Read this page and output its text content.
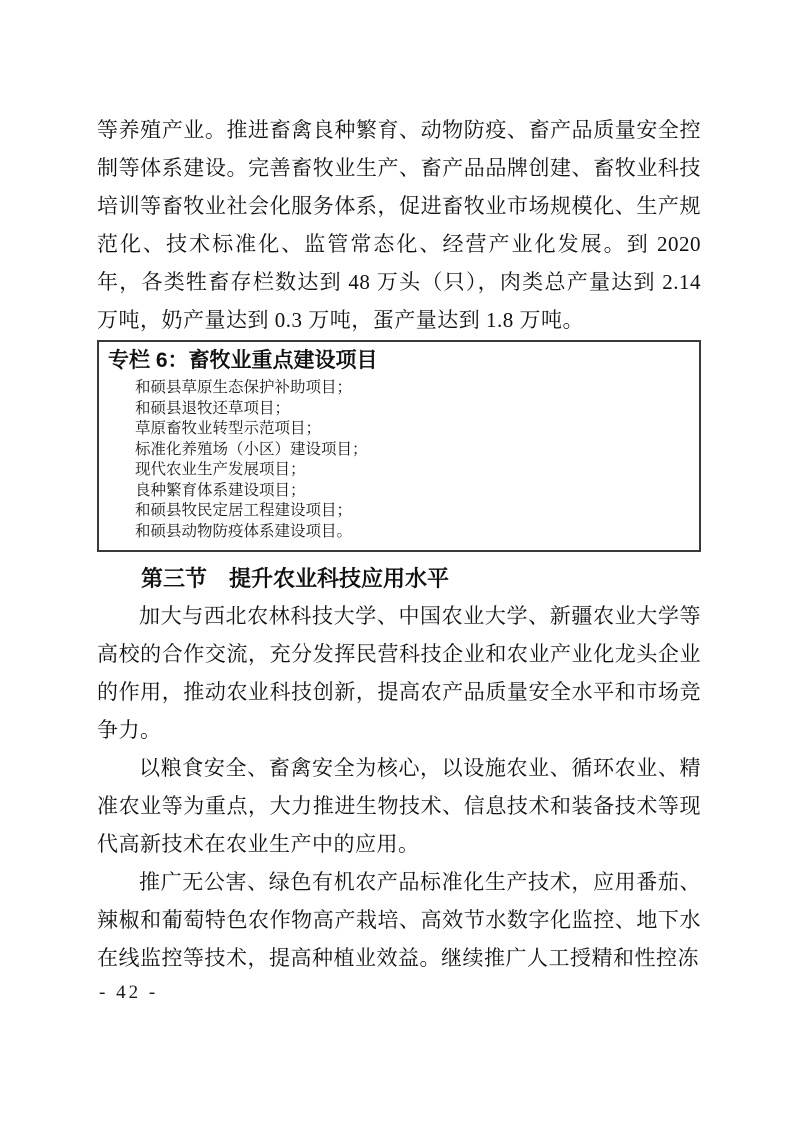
等养殖产业。推进畜禽良种繁育、动物防疫、畜产品质量安全控制等体系建设。完善畜牧业生产、畜产品品牌创建、畜牧业科技培训等畜牧业社会化服务体系，促进畜牧业市场规模化、生产规范化、技术标准化、监管常态化、经营产业化发展。到 2020 年，各类牲畜存栏数达到 48 万头（只），肉类总产量达到 2.14 万吨，奶产量达到 0.3 万吨，蛋产量达到 1.8 万吨。

专栏 6：畜牧业重点建设项目
和硕县草原生态保护补助项目；
和硕县退牧还草项目；
草原畜牧业转型示范项目；
标准化养殖场（小区）建设项目；
现代农业生产发展项目；
良种繁育体系建设项目；
和硕县牧民定居工程建设项目；
和硕县动物防疫体系建设项目。
第三节　提升农业科技应用水平

加大与西北农林科技大学、中国农业大学、新疆农业大学等高校的合作交流，充分发挥民营科技企业和农业产业化龙头企业的作用，推动农业科技创新，提高农产品质量安全水平和市场竞争力。

以粮食安全、畜禽安全为核心，以设施农业、循环农业、精准农业等为重点，大力推进生物技术、信息技术和装备技术等现代高新技术在农业生产中的应用。

推广无公害、绿色有机农产品标准化生产技术，应用番茄、辣椒和葡萄特色农作物高产栽培、高效节水数字化监控、地下水在线监控等技术，提高种植业效益。继续推广人工授精和性控冻

- 42 -
